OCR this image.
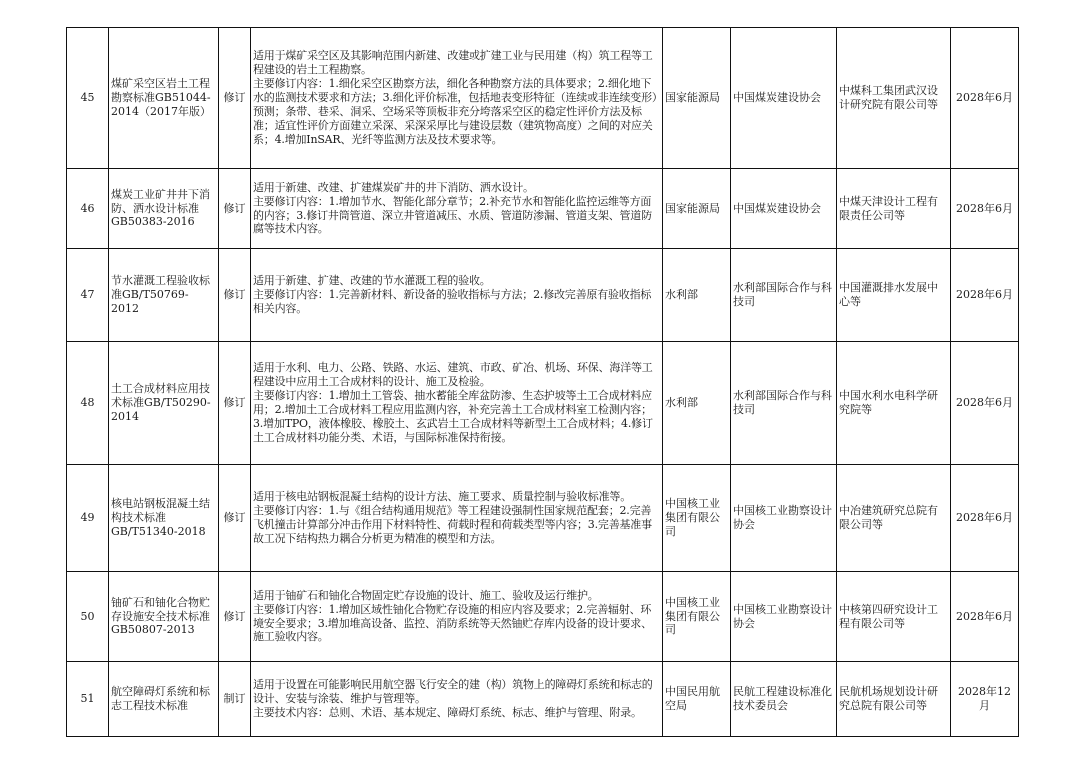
45	煤矿采空区岩土工程勘察标准GB51044-2014（2017年版）	修订	适用于煤矿采空区及其影响范围内新建、改建或扩建工业与民用建（构）筑工程等工程建设的岩土工程勘察。

主要修订内容：1.细化采空区勘察方法，细化各种勘察方法的具体要求；2.细化地下水的监测技术要求和方法；3.细化评价标准，包括地表变形特征（连续或非连续变形）预测；条带、巷采、洞采、空场采等顶板非充分垮落采空区的稳定性评价方法及标准；适宜性评价方面建立采深、采深采厚比与建设层数（建筑物高度）之间的对应关系；4.增加InSAR、光纤等监测方法及技术要求等。	国家能源局	中国煤炭建设协会	中煤科工集团武汉设计研究院有限公司等	2028年6月
46	煤炭工业矿井井下消防、洒水设计标准GB50383-2016	修订	适用于新建、改建、扩建煤炭矿井的井下消防、洒水设计。

主要修订内容：1.增加节水、智能化部分章节；2.补充节水和智能化监控运维等方面的内容；3.修订井筒管道、深立井管道减压、水质、管道防渗漏、管道支架、管道防腐等技术内容。	国家能源局	中国煤炭建设协会	中煤天津设计工程有限责任公司等	2028年6月
47	节水灌溉工程验收标准GB/T50769-2012	修订	适用于新建、扩建、改建的节水灌溉工程的验收。

主要修订内容：1.完善新材料、新设备的验收指标与方法；2.修改完善原有验收指标相关内容。	水利部	水利部国际合作与科技司	中国灌溉排水发展中心等	2028年6月
48	土工合成材料应用技术标准GB/T50290-2014	修订	适用于水利、电力、公路、铁路、水运、建筑、市政、矿冶、机场、环保、海洋等工程建设中应用土工合成材料的设计、施工及检验。

主要修订内容：1.增加土工管袋、抽水蓄能全库盆防渗、生态护坡等土工合成材料应用；2.增加土工合成材料工程应用监测内容，补充完善土工合成材料室工检测内容；3.增加TPO，液体橡胶、橡胶土、玄武岩土工合成材料等新型土工合成材料；4.修订土工合成材料功能分类、术语，与国际标准保持衔接。	水利部	水利部国际合作与科技司	中国水利水电科学研究院等	2028年6月
49	核电站钢板混凝土结构技术标准GB/T51340-2018	修订	适用于核电站钢板混凝土结构的设计方法、施工要求、质量控制与验收标准等。

主要修订内容：1.与《组合结构通用规范》等工程建设强制性国家规范配套；2.完善飞机撞击计算部分冲击作用下材料特性、荷载时程和荷载类型等内容；3.完善基准事故工况下结构热力耦合分析更为精准的模型和方法。	中国核工业集团有限公司	中国核工业勘察设计协会	中冶建筑研究总院有限公司等	2028年6月
50	铀矿石和铀化合物贮存设施安全技术标准GB50807-2013	修订	适用于铀矿石和铀化合物固定贮存设施的设计、施工、验收及运行维护。

主要修订内容：1.增加区域性铀化合物贮存设施的相应内容及要求；2.完善辐射、环境安全要求；3.增加堆高设备、监控、消防系统等天然铀贮存库内设备的设计要求、施工验收内容。	中国核工业集团有限公司	中国核工业勘察设计协会	中核第四研究设计工程有限公司等	2028年6月
51	航空障碍灯系统和标志工程技术标准	制订	适用于设置在可能影响民用航空器飞行安全的建（构）筑物上的障碍灯系统和标志的设计、安装与涂装、维护与管理等。

主要技术内容：总则、术语、基本规定、障碍灯系统、标志、维护与管理、附录。	中国民用航空局	民航工程建设标准化技术委员会	民航机场规划设计研究总院有限公司等	2028年12月
